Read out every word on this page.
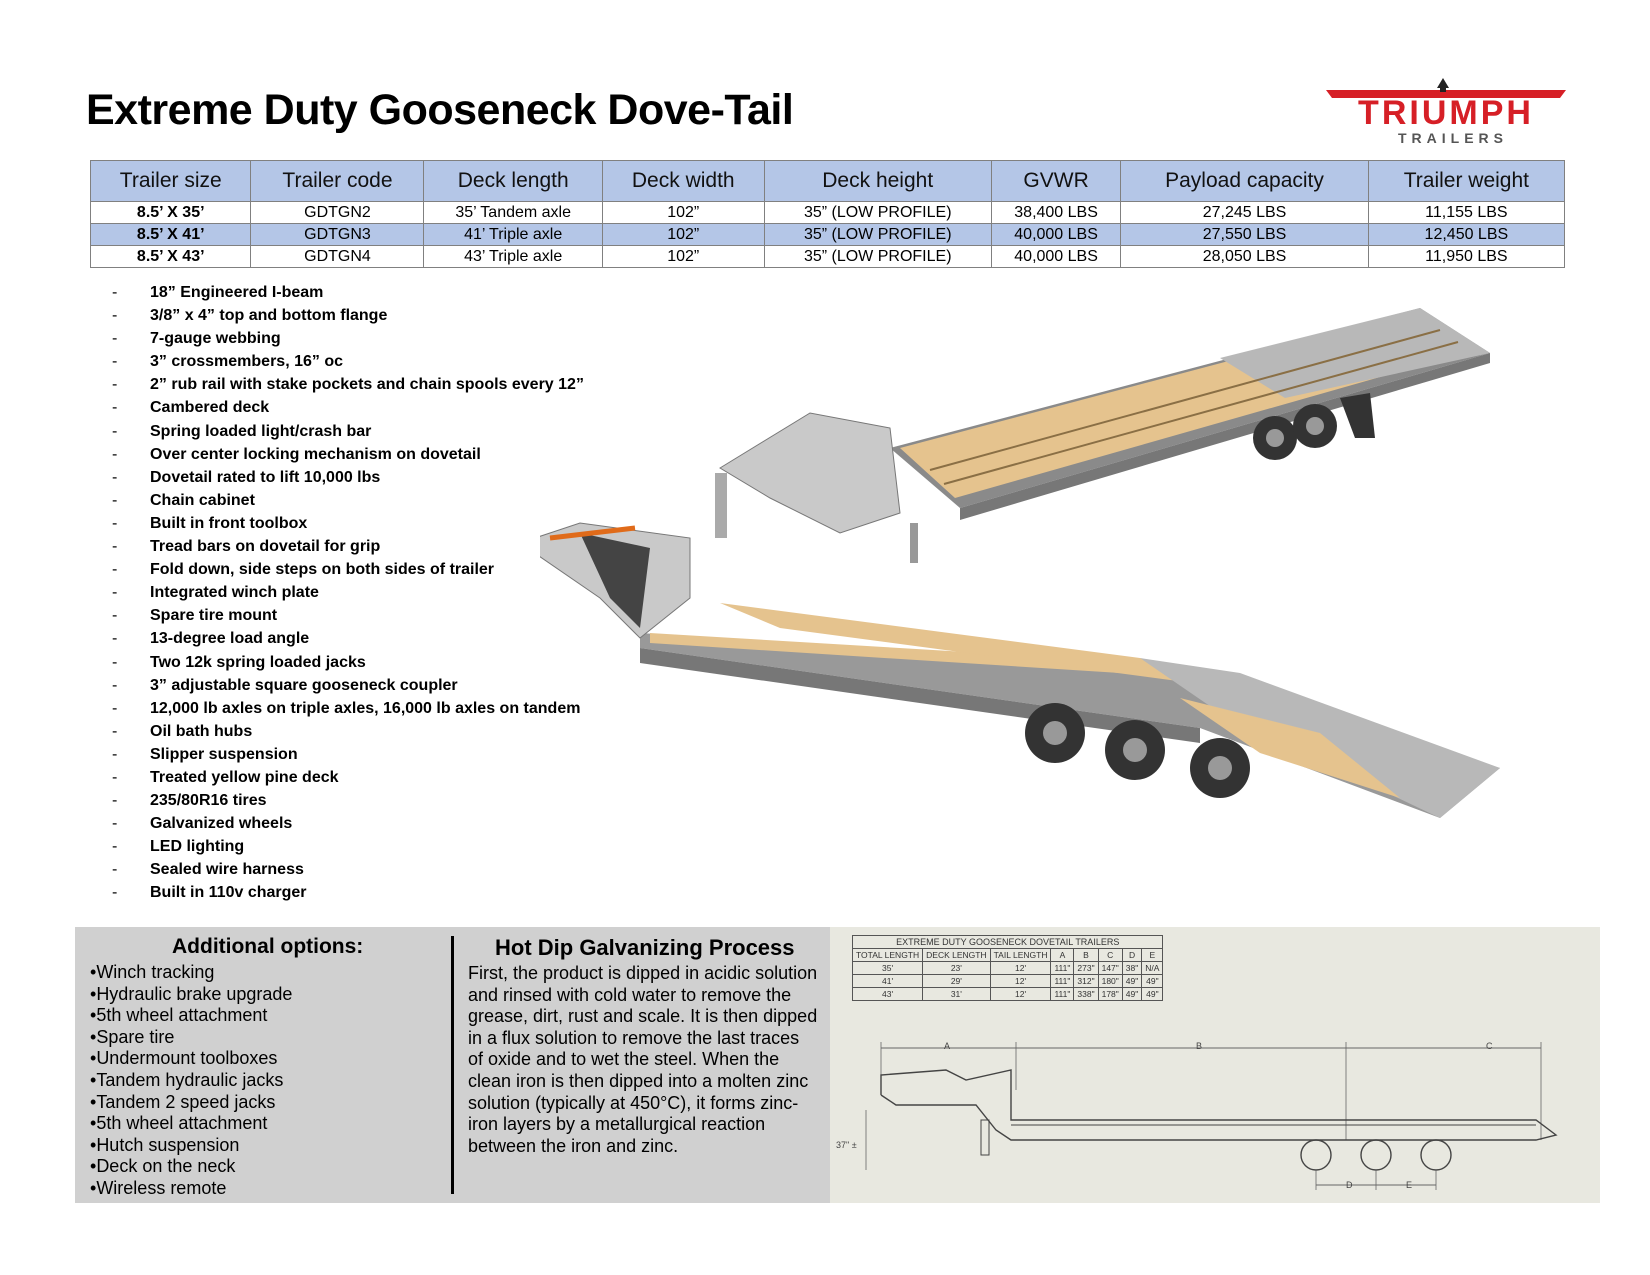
Extreme Duty Gooseneck Dove-Tail	TRIUMPH
TRAILERS
Trailer size	Trailer code	Deck length	Deck width	Deck height	GVWR	Payload capacity	Trailer weight
8.5’ X 35’	GDTGN2	35’ Tandem axle	102”	35” (LOW PROFILE)	38,400 LBS	27,245 LBS	11,155 LBS
8.5’ X 41’	GDTGN3	41’ Triple axle	102”	35” (LOW PROFILE)	40,000 LBS	27,550 LBS	12,450 LBS
8.5’ X 43’	GDTGN4	43’ Triple axle	102”	35” (LOW PROFILE)	40,000 LBS	28,050 LBS	11,950 LBS
- 18” Engineered I-beam
- 3/8” x 4” top and bottom flange
- 7-gauge webbing
- 3” crossmembers, 16” oc
- 2” rub rail with stake pockets and chain spools every 12”
- Cambered deck
- Spring loaded light/crash bar
- Over center locking mechanism on dovetail
- Dovetail rated to lift 10,000 lbs
- Chain cabinet
- Built in front toolbox
- Tread bars on dovetail for grip
- Fold down, side steps on both sides of trailer
- Integrated winch plate
- Spare tire mount
- 13-degree load angle
- Two 12k spring loaded jacks
- 3” adjustable square gooseneck coupler
- 12,000 lb axles on triple axles, 16,000 lb axles on tandem
- Oil bath hubs
- Slipper suspension
- Treated yellow pine deck
- 235/80R16 tires
- Galvanized wheels
- LED lighting
- Sealed wire harness
- Built in 110v charger
Additional options:
• Winch tracking
• Hydraulic brake upgrade
• 5th wheel attachment
• Spare tire
• Undermount toolboxes
• Tandem hydraulic jacks
• Tandem 2 speed jacks
• 5th wheel attachment
• Hutch suspension
• Deck on the neck
• Wireless remote
Hot Dip Galvanizing Process
First, the product is dipped in acidic solution and rinsed with cold water to remove the grease, dirt, rust and scale. It is then dipped in a flux solution to remove the last traces of oxide and to wet the steel. When the clean iron is then dipped into a molten zinc solution (typically at 450°C), it forms zinc-iron layers by a metallurgical reaction between the iron and zinc.
EXTREME DUTY GOOSENECK DOVETAIL TRAILERS							
TOTAL LENGTH	DECK LENGTH	TAIL LENGTH	A	B	C	D	E
35'	23'	12'	111"	273"	147"	38"	N/A
41'	29'	12'	111"	312"	180"	49"	49"
43'	31'	12'	111"	338"	178"	49"	49"
A	B	C
D	E
37" ±
